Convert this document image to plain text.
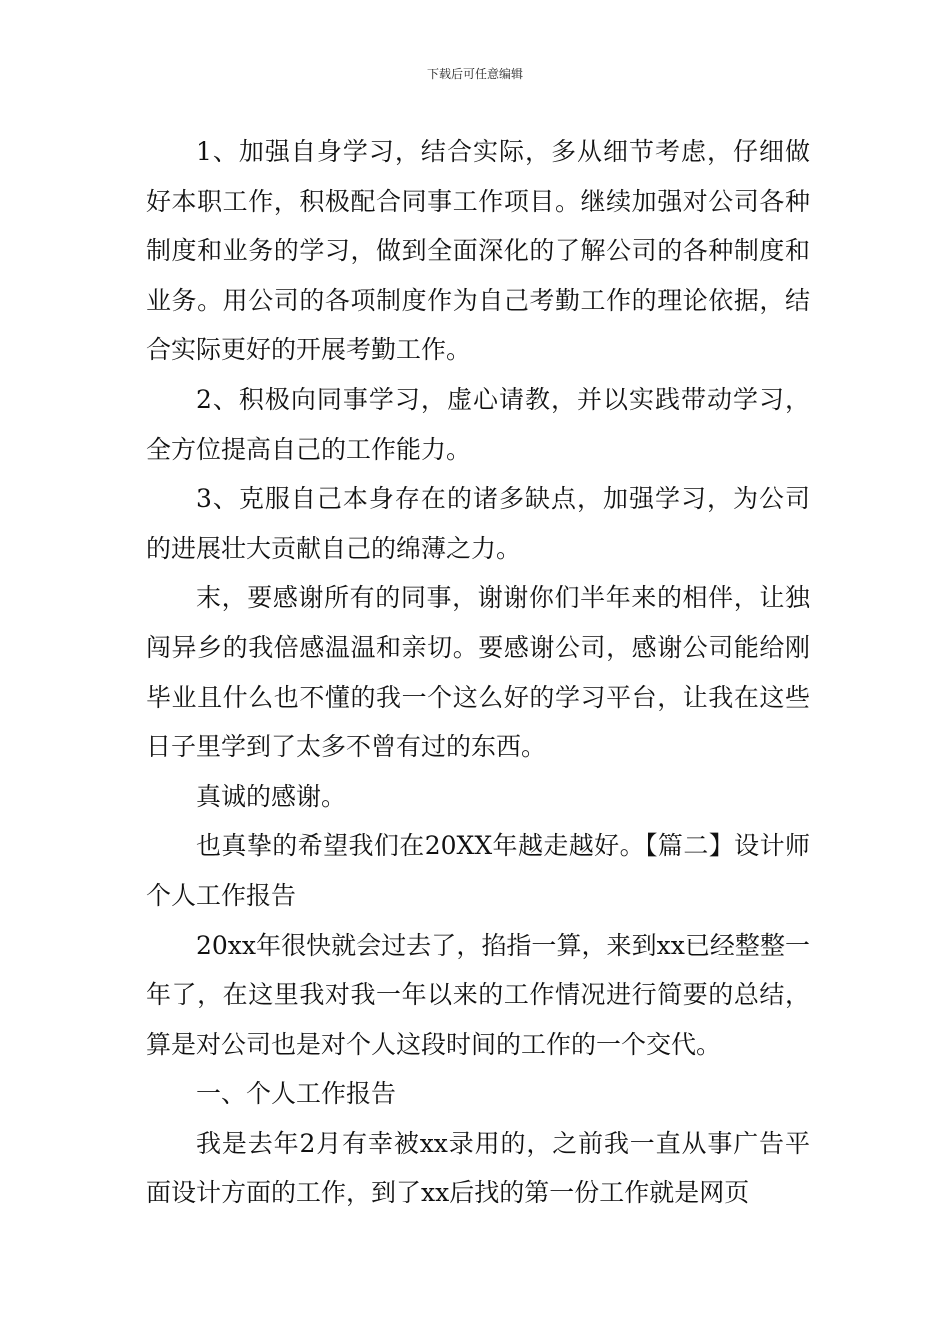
下载后可任意编辑

1、加强自身学习，结合实际，多从细节考虑，仔细做好本职工作，积极配合同事工作项目。继续加强对公司各种制度和业务的学习，做到全面深化的了解公司的各种制度和业务。用公司的各项制度作为自己考勤工作的理论依据，结合实际更好的开展考勤工作。

2、积极向同事学习，虚心请教，并以实践带动学习，全方位提高自己的工作能力。

3、克服自己本身存在的诸多缺点，加强学习，为公司的进展壮大贡献自己的绵薄之力。

末，要感谢所有的同事，谢谢你们半年来的相伴，让独闯异乡的我倍感温温和亲切。要感谢公司，感谢公司能给刚毕业且什么也不懂的我一个这么好的学习平台，让我在这些日子里学到了太多不曾有过的东西。

真诚的感谢。

也真挚的希望我们在20XX年越走越好。【篇二】设计师个人工作报告

20xx年很快就会过去了，掐指一算，来到xx已经整整一年了，在这里我对我一年以来的工作情况进行简要的总结，算是对公司也是对个人这段时间的工作的一个交代。

一、个人工作报告

我是去年2月有幸被xx录用的，之前我一直从事广告平面设计方面的工作，到了xx后找的第一份工作就是网页
